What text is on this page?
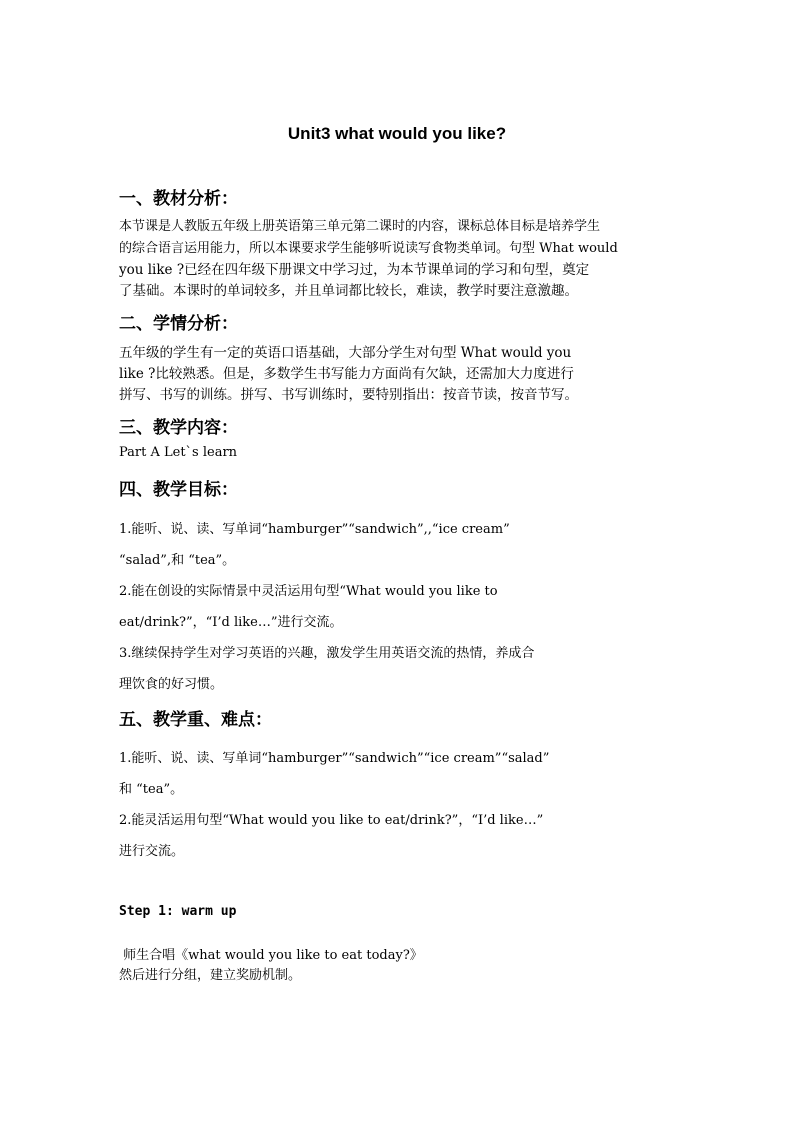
Unit3 what would you like?
一、教材分析：
本节课是人教版五年级上册英语第三单元第二课时的内容，课标总体目标是培养学生
的综合语言运用能力，所以本课要求学生能够听说读写食物类单词。句型 What would
you like ?已经在四年级下册课文中学习过，为本节课单词的学习和句型，奠定
了基础。本课时的单词较多，并且单词都比较长，难读，教学时要注意激趣。
二、学情分析：
五年级的学生有一定的英语口语基础，大部分学生对句型 What would you
like ?比较熟悉。但是，多数学生书写能力方面尚有欠缺，还需加大力度进行
拼写、书写的训练。拼写、书写训练时，要特别指出：按音节读，按音节写。
三、教学内容：
Part A Let`s learn
四、教学目标：
1.能听、说、读、写单词“hamburger”“sandwich”,,“ice cream”
“salad”,和 “tea”。
2.能在创设的实际情景中灵活运用句型“What would you like to
eat/drink?”，“I’d like…”进行交流。
3.继续保持学生对学习英语的兴趣，激发学生用英语交流的热情，养成合
理饮食的好习惯。
五、教学重、难点：
1.能听、说、读、写单词“hamburger”“sandwich”“ice cream”“salad”
和 “tea”。
2.能灵活运用句型“What would you like to eat/drink?”，“I’d like…”
进行交流。
Step 1: warm up
师生合唱《what would you like to eat today?》
然后进行分组，建立奖励机制。
